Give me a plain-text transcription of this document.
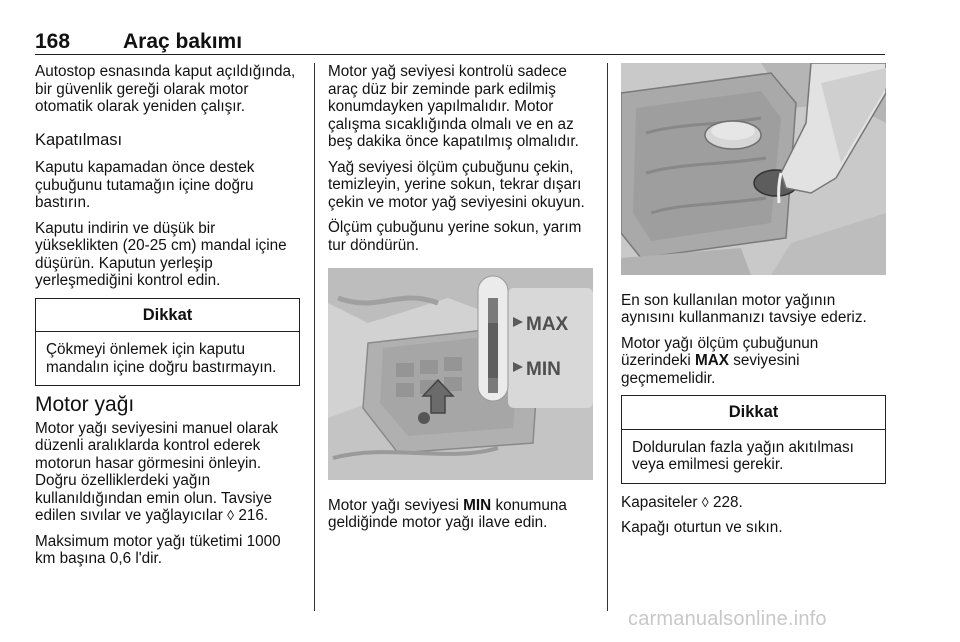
168	Araç bakımı

Autostop esnasında kaput açıldığında, bir güvenlik gereği olarak motor otomatik olarak yeniden çalışır.

Kapatılması

Kaputu kapamadan önce destek çubuğunu tutamağın içine doğru bastırın.

Kaputu indirin ve düşük bir yükseklikten (20-25 cm) mandal içine düşürün. Kaputun yerleşip yerleşmediğini kontrol edin.

Dikkat
Çökmeyi önlemek için kaputu mandalın içine doğru bastırmayın.
Motor yağı

Motor yağı seviyesini manuel olarak düzenli aralıklarda kontrol ederek motorun hasar görmesini önleyin. Doğru özelliklerdeki yağın kullanıldığından emin olun. Tavsiye edilen sıvılar ve yağlayıcılar ◊ 216.

Maksimum motor yağı tüketimi 1000 km başına 0,6 l'dir.

Motor yağ seviyesi kontrolü sadece araç düz bir zeminde park edilmiş konumdayken yapılmalıdır. Motor çalışma sıcaklığında olmalı ve en az beş dakika önce kapatılmış olmalıdır.

Yağ seviyesi ölçüm çubuğunu çekin, temizleyin, yerine sokun, tekrar dışarı çekin ve motor yağ seviyesini okuyun.

Ölçüm çubuğunu yerine sokun, yarım tur döndürün.

MAX
MIN

Motor yağı seviyesi MIN konumuna geldiğinde motor yağı ilave edin.

En son kullanılan motor yağının aynısını kullanmanızı tavsiye ederiz.

Motor yağı ölçüm çubuğunun üzerindeki MAX seviyesini geçmemelidir.

Dikkat
Doldurulan fazla yağın akıtılması veya emilmesi gerekir.

Kapasiteler ◊ 228.

Kapağı oturtun ve sıkın.

carmanualsonline.info
